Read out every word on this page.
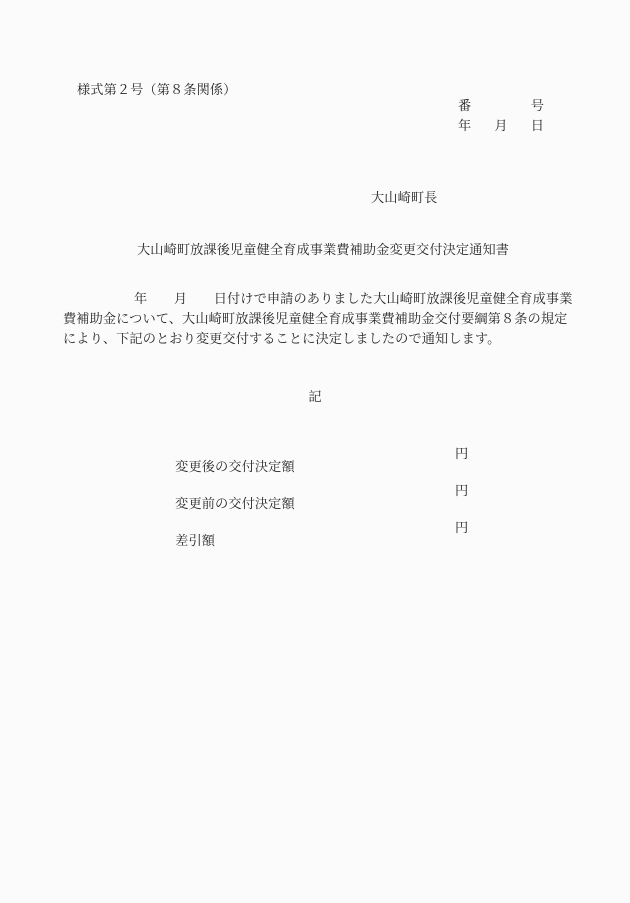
様式第２号（第８条関係）
番	号
年 月 日
大山崎町長
大山崎町放課後児童健全育成事業費補助金変更交付決定通知書
年　　月　　日付けで申請のありました大山崎町放課後児童健全育成事業
費補助金について、大山崎町放課後児童健全育成事業費補助金交付要綱第８条の規定
により、下記のとおり変更交付することに決定しましたので通知します。
記

変更後の交付決定額

円

変更前の交付決定額

円

差引額

円
